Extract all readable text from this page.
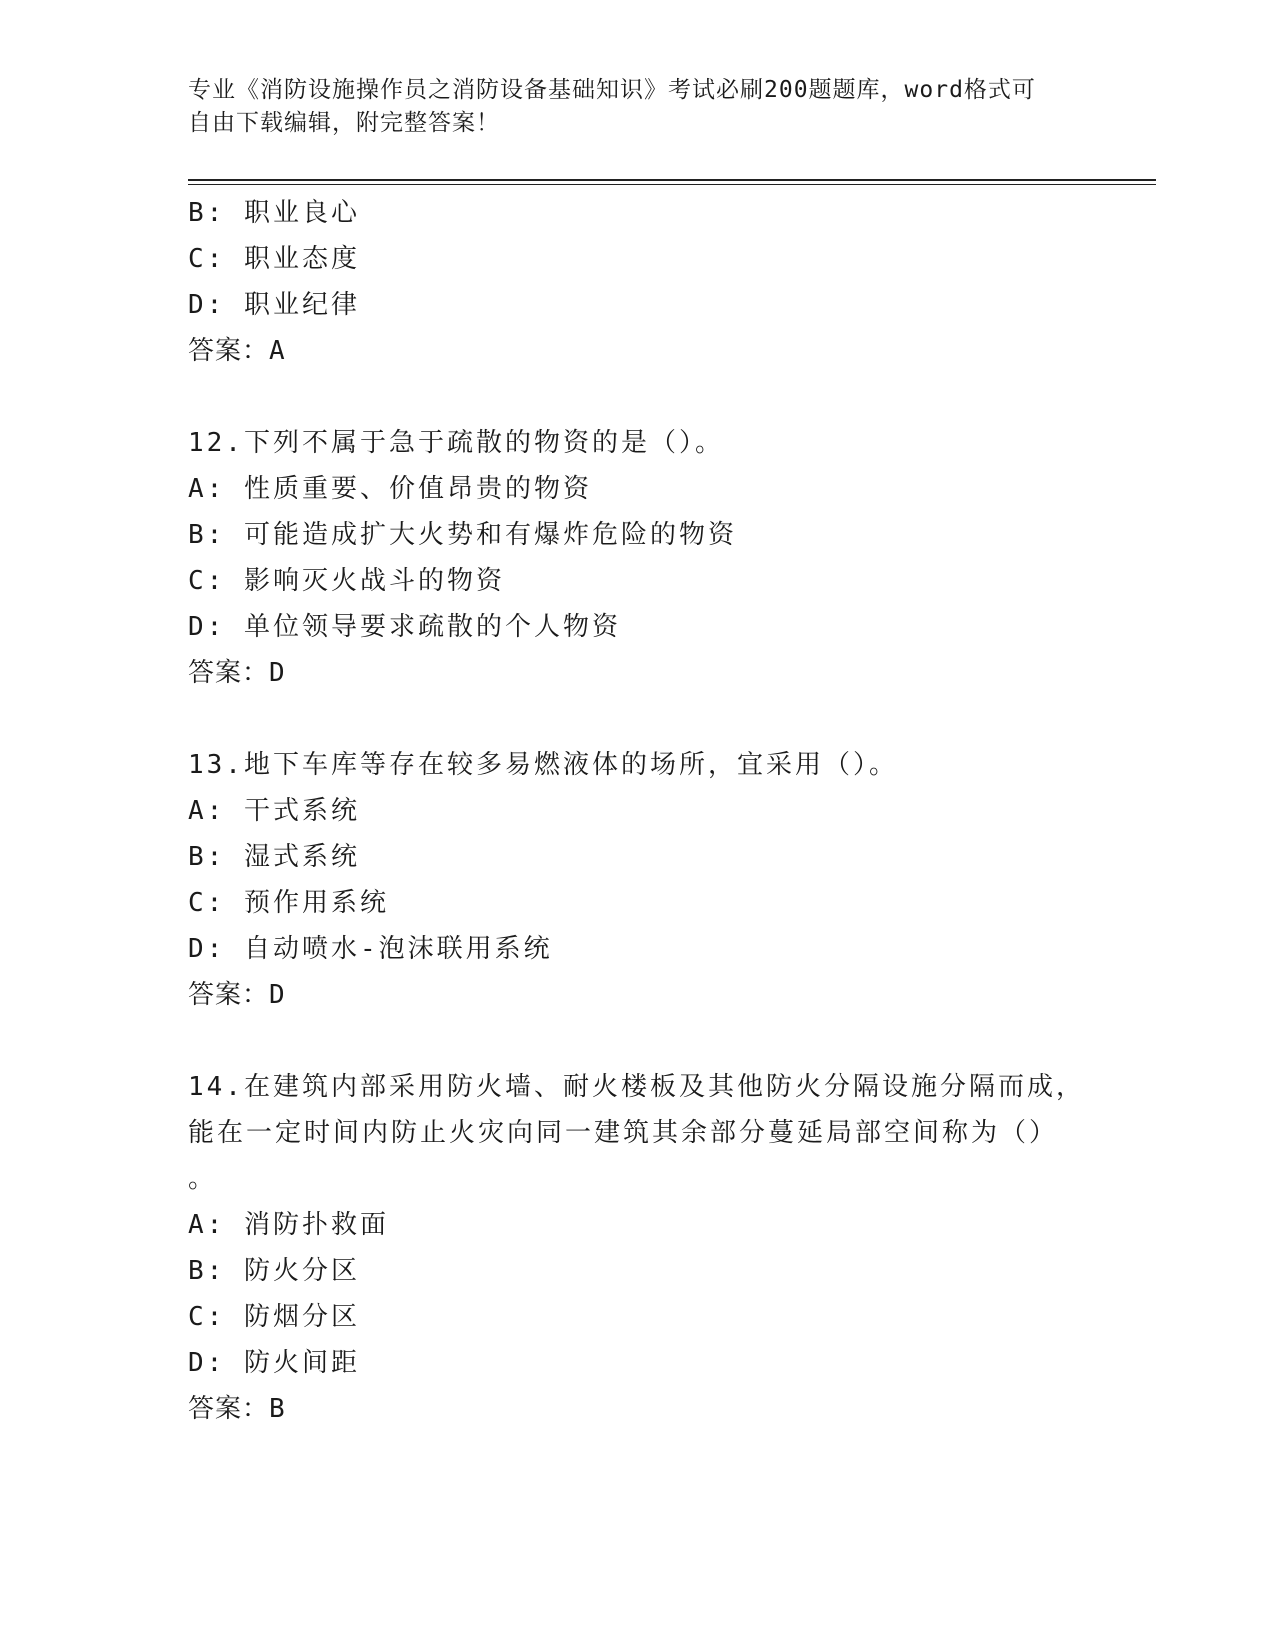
专业《消防设施操作员之消防设备基础知识》考试必刷200题题库，word格式可
自由下载编辑，附完整答案！
B: 职业良心
C: 职业态度
D: 职业纪律
答案：A
12.下列不属于急于疏散的物资的是（）。
A: 性质重要、价值昂贵的物资
B: 可能造成扩大火势和有爆炸危险的物资
C: 影响灭火战斗的物资
D: 单位领导要求疏散的个人物资
答案：D
13.地下车库等存在较多易燃液体的场所，宜采用（）。
A: 干式系统
B: 湿式系统
C: 预作用系统
D: 自动喷水-泡沫联用系统
答案：D
14.在建筑内部采用防火墙、耐火楼板及其他防火分隔设施分隔而成，
能在一定时间内防止火灾向同一建筑其余部分蔓延局部空间称为（）
。
A: 消防扑救面
B: 防火分区
C: 防烟分区
D: 防火间距
答案：B
